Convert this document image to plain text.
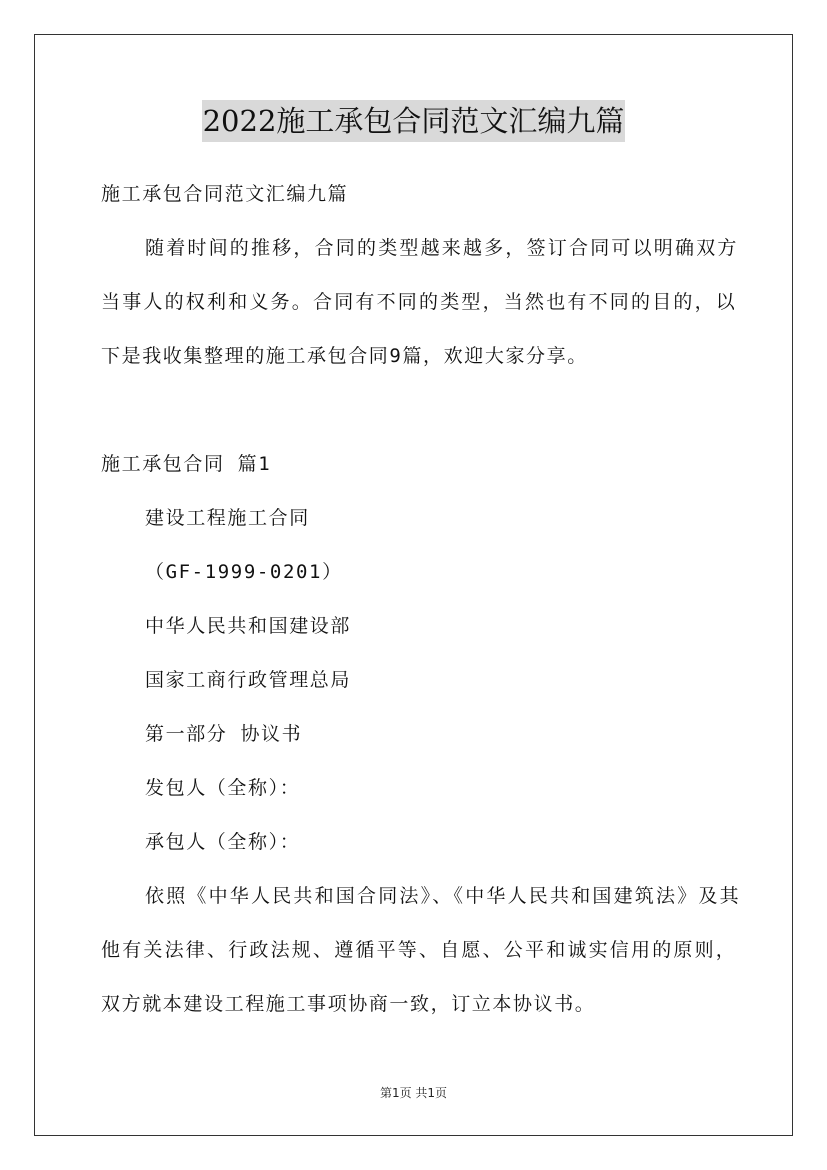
2022施工承包合同范文汇编九篇
施工承包合同范文汇编九篇
随着时间的推移，合同的类型越来越多，签订合同可以明确双方
当事人的权利和义务。合同有不同的类型，当然也有不同的目的，以
下是我收集整理的施工承包合同9篇，欢迎大家分享。
施工承包合同 篇1
建设工程施工合同
（GF-1999-0201）
中华人民共和国建设部
国家工商行政管理总局
第一部分 协议书
发包人（全称）：
承包人（全称）：
依照《中华人民共和国合同法》、《中华人民共和国建筑法》及其
他有关法律、行政法规、遵循平等、自愿、公平和诚实信用的原则，
双方就本建设工程施工事项协商一致，订立本协议书。
第1页 共1页
